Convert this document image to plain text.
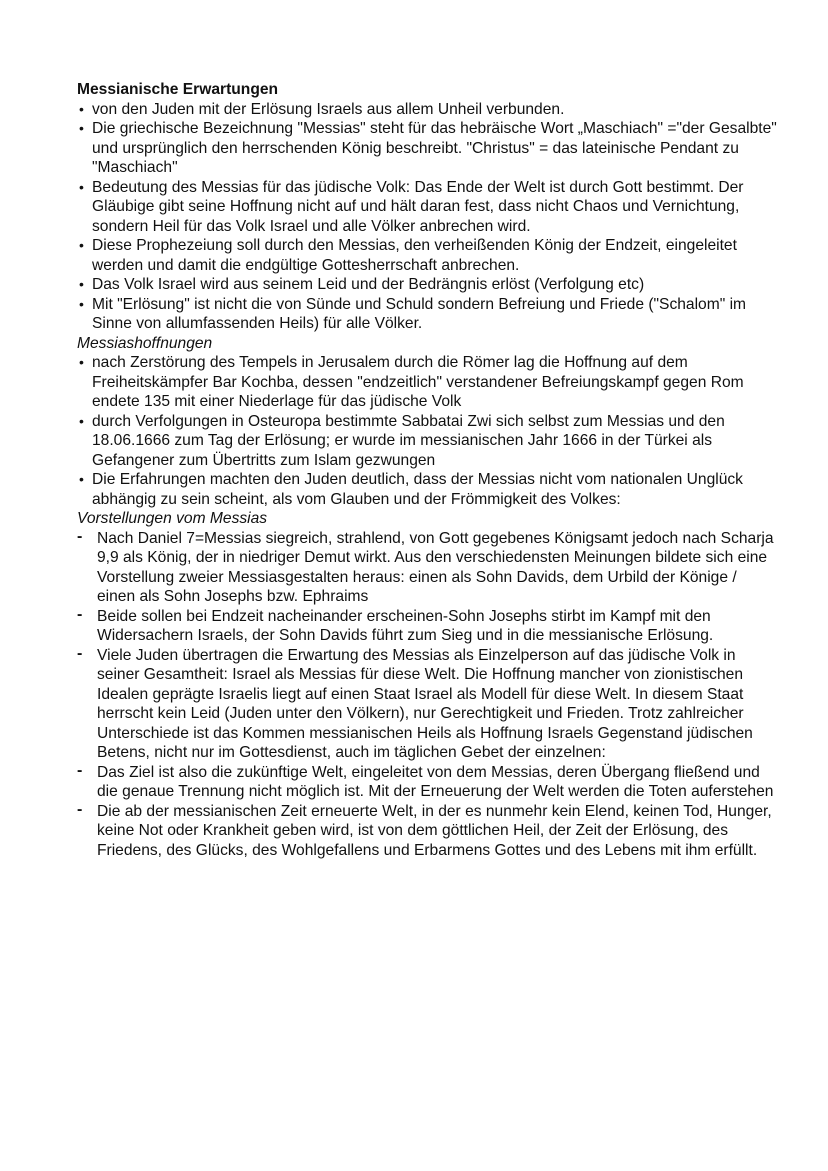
Messianische Erwartungen

• von den Juden mit der Erlösung Israels aus allem Unheil verbunden.
• Die griechische Bezeichnung "Messias" steht für das hebräische Wort „Maschiach" ="der Gesalbte" und ursprünglich den herrschenden König beschreibt. "Christus" = das lateinische Pendant zu "Maschiach"
• Bedeutung des Messias für das jüdische Volk: Das Ende der Welt ist durch Gott bestimmt. Der Gläubige gibt seine Hoffnung nicht auf und hält daran fest, dass nicht Chaos und Vernichtung, sondern Heil für das Volk Israel und alle Völker anbrechen wird.
• Diese Prophezeiung soll durch den Messias, den verheißenden König der Endzeit, eingeleitet werden und damit die endgültige Gottesherrschaft anbrechen.
• Das Volk Israel wird aus seinem Leid und der Bedrängnis erlöst (Verfolgung etc)
• Mit "Erlösung" ist nicht die von Sünde und Schuld sondern Befreiung und Friede ("Schalom" im Sinne von allumfassenden Heils) für alle Völker.

Messiashoffnungen

• nach Zerstörung des Tempels in Jerusalem durch die Römer lag die Hoffnung auf dem Freiheitskämpfer Bar Kochba, dessen "endzeitlich" verstandener Befreiungskampf gegen Rom endete 135 mit einer Niederlage für das jüdische Volk
• durch Verfolgungen in Osteuropa bestimmte Sabbatai Zwi sich selbst zum Messias und den 18.06.1666 zum Tag der Erlösung; er wurde im messianischen Jahr 1666 in der Türkei als Gefangener zum Übertritts zum Islam gezwungen
• Die Erfahrungen machten den Juden deutlich, dass der Messias nicht vom nationalen Unglück abhängig zu sein scheint, als vom Glauben und der Frömmigkeit des Volkes:

Vorstellungen vom Messias

- Nach Daniel 7=Messias siegreich, strahlend, von Gott gegebenes Königsamt jedoch nach Scharja 9,9 als König, der in niedriger Demut wirkt. Aus den verschiedensten Meinungen bildete sich eine Vorstellung zweier Messiasgestalten heraus: einen als Sohn Davids, dem Urbild der Könige / einen als Sohn Josephs bzw. Ephraims
- Beide sollen bei Endzeit nacheinander erscheinen-Sohn Josephs stirbt im Kampf mit den Widersachern Israels, der Sohn Davids führt zum Sieg und in die messianische Erlösung.
- Viele Juden übertragen die Erwartung des Messias als Einzelperson auf das jüdische Volk in seiner Gesamtheit: Israel als Messias für diese Welt. Die Hoffnung mancher von zionistischen Idealen geprägte Israelis liegt auf einen Staat Israel als Modell für diese Welt. In diesem Staat herrscht kein Leid (Juden unter den Völkern), nur Gerechtigkeit und Frieden. Trotz zahlreicher Unterschiede ist das Kommen messianischen Heils als Hoffnung Israels Gegenstand jüdischen Betens, nicht nur im Gottesdienst, auch im täglichen Gebet der einzelnen:
- Das Ziel ist also die zukünftige Welt, eingeleitet von dem Messias, deren Übergang fließend und die genaue Trennung nicht möglich ist. Mit der Erneuerung der Welt werden die Toten auferstehen
- Die ab der messianischen Zeit erneuerte Welt, in der es nunmehr kein Elend, keinen Tod, Hunger, keine Not oder Krankheit geben wird, ist von dem göttlichen Heil, der Zeit der Erlösung, des Friedens, des Glücks, des Wohlgefallens und Erbarmens Gottes und des Lebens mit ihm erfüllt.
